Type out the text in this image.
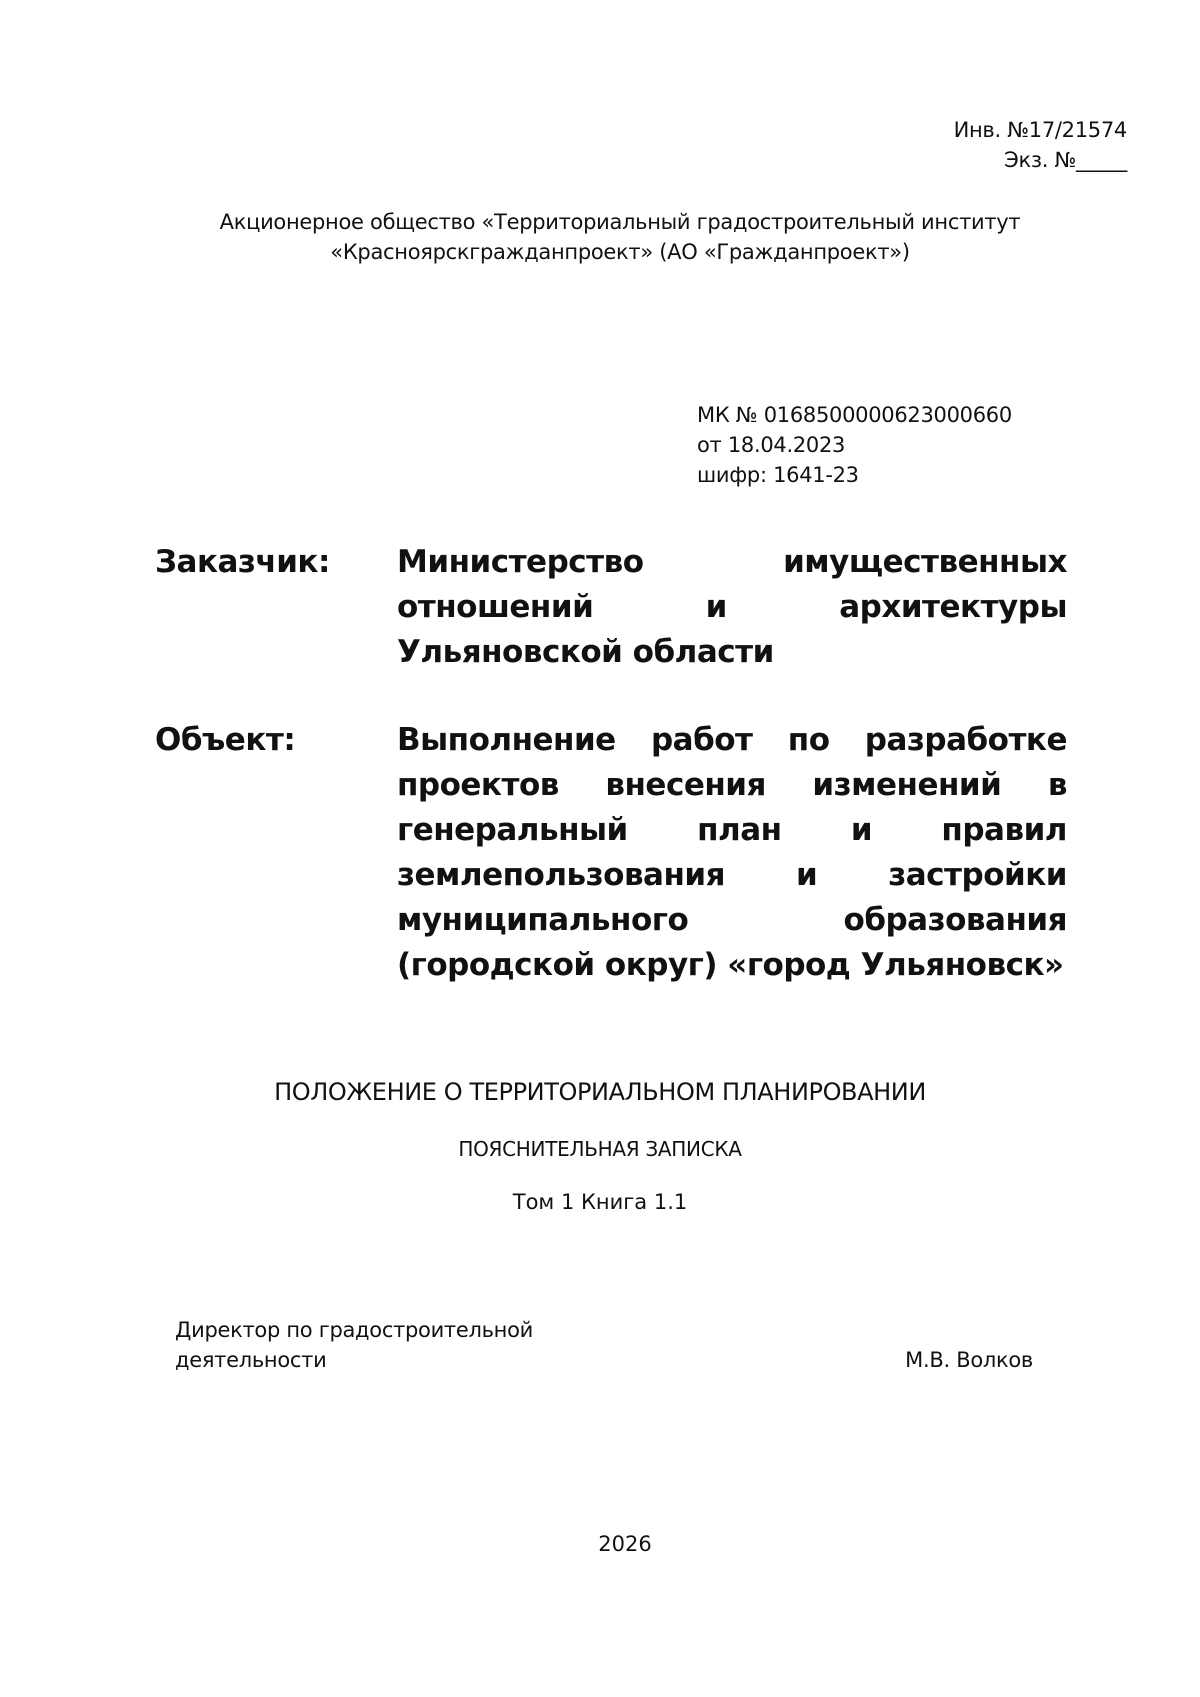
Инв. №17/21574
Экз. №_____
Акционерное общество «Территориальный градостроительный институт
«Красноярскгражданпроект» (АО «Гражданпроект»)
МК № 0168500000623000660
от 18.04.2023
шифр: 1641-23
Заказчик: Министерство имущественных отношений и архитектуры Ульяновской области
Объект:	Выполнение работ по разработке проектов внесения изменений в генеральный план и правил землепользования и застройки муниципального образования (городской округ) «город Ульяновск»
ПОЛОЖЕНИЕ О ТЕРРИТОРИАЛЬНОМ ПЛАНИРОВАНИИ
ПОЯСНИТЕЛЬНАЯ ЗАПИСКА
Том 1 Книга 1.1
Директор по градостроительной
деятельности	М.В. Волков
2026
